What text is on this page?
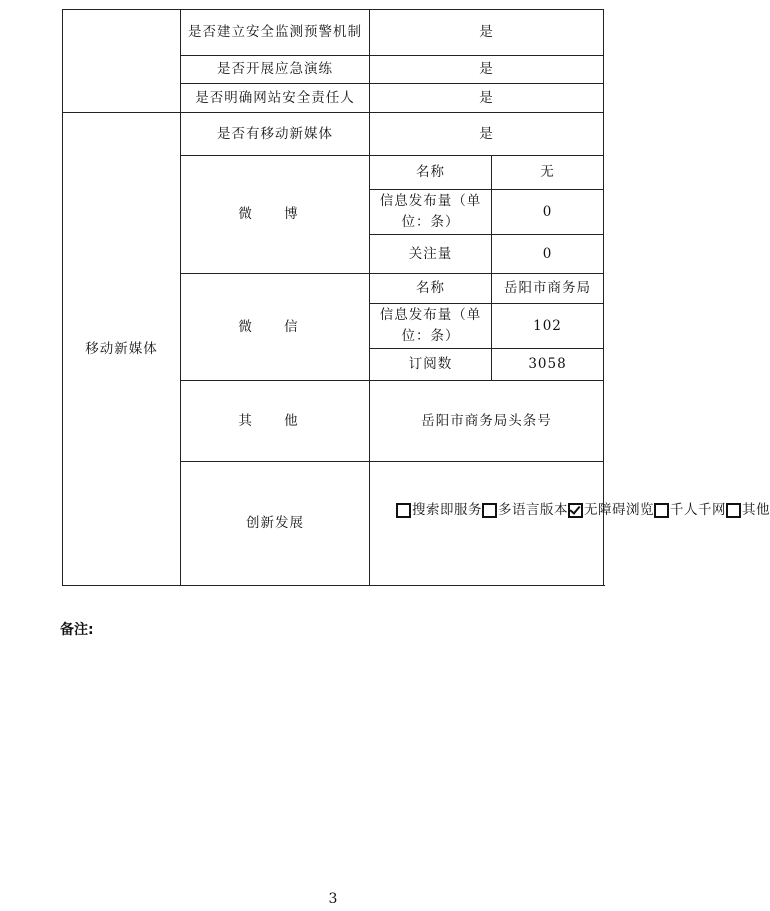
	是否建立安全监测预警机制	是	
	是否开展应急演练	是	
	是否明确网站安全责任人	是	
移动新媒体	是否有移动新媒体	是	
	微 博	名称	无
		信息发布量（单位：条）	0
		关注量	0
	微 信	名称	岳阳市商务局
		信息发布量（单位：条）	102
		订阅数	3058
	其 他	岳阳市商务局头条号	
	创新发展	搜索即服务 多语言版本 无障碍浏览 千人千网 其他	
备注:
3
